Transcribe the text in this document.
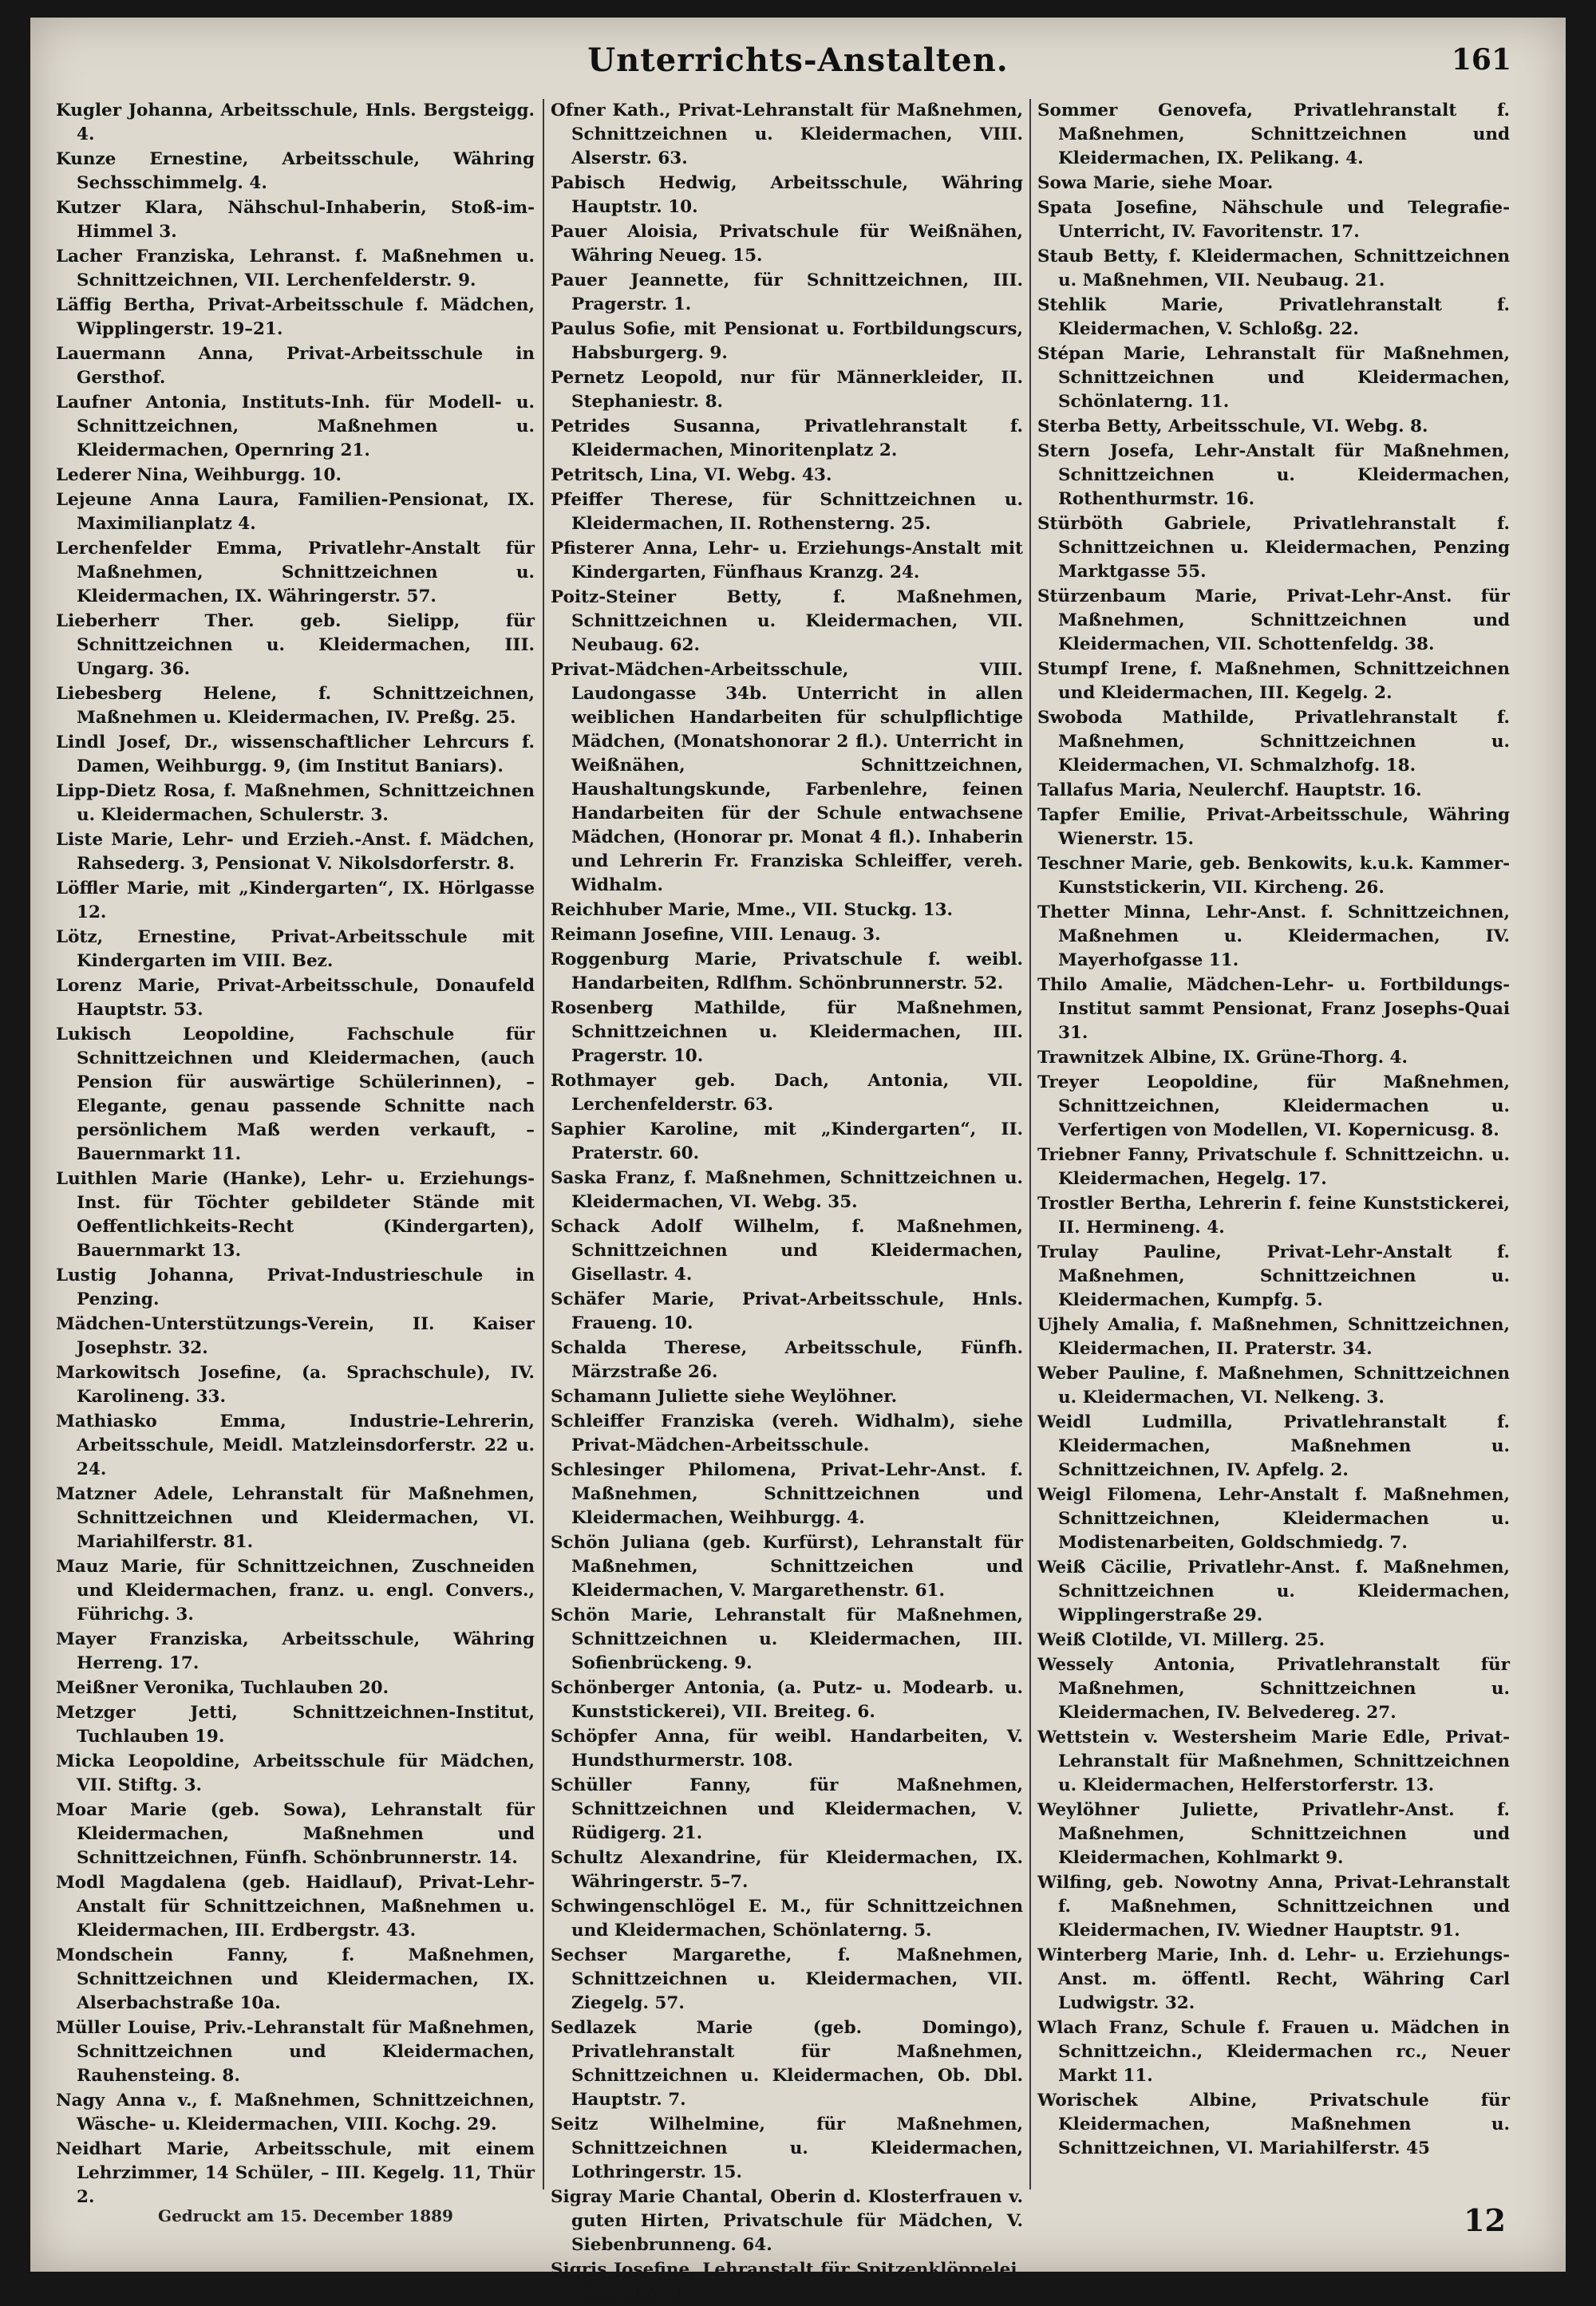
Unterrichts-Anstalten.	161

Kugler Johanna, Arbeitsschule, Hnls. Bergsteigg. 4.

Kunze Ernestine, Arbeitsschule, Währing Sechsschimmelg. 4.

Kutzer Klara, Nähschul-Inhaberin, Stoß-im-Himmel 3.

Lacher Franziska, Lehranst. f. Maßnehmen u. Schnittzeichnen, VII. Lerchenfelderstr. 9.

Läffig Bertha, Privat-Arbeitsschule f. Mädchen, Wipplingerstr. 19–21.

Lauermann Anna, Privat-Arbeitsschule in Gersthof.

Laufner Antonia, Instituts-Inh. für Modell- u. Schnittzeichnen, Maßnehmen u. Kleidermachen, Opernring 21.

Lederer Nina, Weihburgg. 10.

Lejeune Anna Laura, Familien-Pensionat, IX. Maximilianplatz 4.

Lerchenfelder Emma, Privatlehr-Anstalt für Maßnehmen, Schnittzeichnen u. Kleidermachen, IX. Währingerstr. 57.

Lieberherr Ther. geb. Sielipp, für Schnittzeichnen u. Kleidermachen, III. Ungarg. 36.

Liebesberg Helene, f. Schnittzeichnen, Maßnehmen u. Kleidermachen, IV. Preßg. 25.

Lindl Josef, Dr., wissenschaftlicher Lehrcurs f. Damen, Weihburgg. 9, (im Institut Baniars).

Lipp-Dietz Rosa, f. Maßnehmen, Schnittzeichnen u. Kleidermachen, Schulerstr. 3.

Liste Marie, Lehr- und Erzieh.-Anst. f. Mädchen, Rahsederg. 3, Pensionat V. Nikolsdorferstr. 8.

Löffler Marie, mit „Kindergarten“, IX. Hörlgasse 12.

Lötz, Ernestine, Privat-Arbeitsschule mit Kindergarten im VIII. Bez.

Lorenz Marie, Privat-Arbeitsschule, Donaufeld Hauptstr. 53.

Lukisch Leopoldine, Fachschule für Schnittzeichnen und Kleidermachen, (auch Pension für auswärtige Schülerinnen), –Elegante, genau passende Schnitte nach persönlichem Maß werden verkauft, – Bauernmarkt 11.

Luithlen Marie (Hanke), Lehr- u. Erziehungs-Inst. für Töchter gebildeter Stände mit Oeffentlichkeits-Recht (Kindergarten), Bauernmarkt 13.

Lustig Johanna, Privat-Industrieschule in Penzing.

Mädchen-Unterstützungs-Verein, II. Kaiser Josephstr. 32.

Markowitsch Josefine, (a. Sprachschule), IV. Karolineng. 33.

Mathiasko Emma, Industrie-Lehrerin, Arbeitsschule, Meidl. Matzleinsdorferstr. 22 u. 24.

Matzner Adele, Lehranstalt für Maßnehmen, Schnittzeichnen und Kleidermachen, VI. Mariahilferstr. 81.

Mauz Marie, für Schnittzeichnen, Zuschneiden und Kleidermachen, franz. u. engl. Convers., Führichg. 3.

Mayer Franziska, Arbeitsschule, Währing Herreng. 17.

Meißner Veronika, Tuchlauben 20.

Metzger Jetti, Schnittzeichnen-Institut, Tuchlauben 19.

Micka Leopoldine, Arbeitsschule für Mädchen, VII. Stiftg. 3.

Moar Marie (geb. Sowa), Lehranstalt für Kleidermachen, Maßnehmen und Schnittzeichnen, Fünfh. Schönbrunnerstr. 14.

Modl Magdalena (geb. Haidlauf), Privat-Lehr-Anstalt für Schnittzeichnen, Maßnehmen u. Kleidermachen, III. Erdbergstr. 43.

Mondschein Fanny, f. Maßnehmen, Schnittzeichnen und Kleidermachen, IX. Alserbachstraße 10a.

Müller Louise, Priv.-Lehranstalt für Maßnehmen, Schnittzeichnen und Kleidermachen, Rauhensteing. 8.

Nagy Anna v., f. Maßnehmen, Schnittzeichnen, Wäsche- u. Kleidermachen, VIII. Kochg. 29.

Neidhart Marie, Arbeitsschule, mit einem Lehrzimmer, 14 Schüler, – III. Kegelg. 11, Thür 2.

Ofner Kath., Privat-Lehranstalt für Maßnehmen, Schnittzeichnen u. Kleidermachen, VIII. Alserstr. 63.

Pabisch Hedwig, Arbeitsschule, Währing Hauptstr. 10.

Pauer Aloisia, Privatschule für Weißnähen, Währing Neueg. 15.

Pauer Jeannette, für Schnittzeichnen, III. Pragerstr. 1.

Paulus Sofie, mit Pensionat u. Fortbildungscurs, Habsburgerg. 9.

Pernetz Leopold, nur für Männerkleider, II. Stephaniestr. 8.

Petrides Susanna, Privatlehranstalt f. Kleidermachen, Minoritenplatz 2.

Petritsch, Lina, VI. Webg. 43.

Pfeiffer Therese, für Schnittzeichnen u. Kleidermachen, II. Rothensterng. 25.

Pfisterer Anna, Lehr- u. Erziehungs-Anstalt mit Kindergarten, Fünfhaus Kranzg. 24.

Poitz-Steiner Betty, f. Maßnehmen, Schnittzeichnen u. Kleidermachen, VII. Neubaug. 62.

Privat-Mädchen-Arbeitsschule, VIII. Laudongasse 34b. Unterricht in allen weiblichen Handarbeiten für schulpflichtige Mädchen, (Monatshonorar 2 fl.). Unterricht in Weißnähen, Schnittzeichnen, Haushaltungskunde, Farbenlehre, feinen Handarbeiten für der Schule entwachsene Mädchen, (Honorar pr. Monat 4 fl.). Inhaberin und Lehrerin Fr. Franziska Schleiffer, vereh. Widhalm.

Reichhuber Marie, Mme., VII. Stuckg. 13.

Reimann Josefine, VIII. Lenaug. 3.

Roggenburg Marie, Privatschule f. weibl. Handarbeiten, Rdlfhm. Schönbrunnerstr. 52.

Rosenberg Mathilde, für Maßnehmen, Schnittzeichnen u. Kleidermachen, III. Pragerstr. 10.

Rothmayer geb. Dach, Antonia, VII. Lerchenfelderstr. 63.

Saphier Karoline, mit „Kindergarten“, II. Praterstr. 60.

Saska Franz, f. Maßnehmen, Schnittzeichnen u. Kleidermachen, VI. Webg. 35.

Schack Adolf Wilhelm, f. Maßnehmen, Schnittzeichnen und Kleidermachen, Gisellastr. 4.

Schäfer Marie, Privat-Arbeitsschule, Hnls. Fraueng. 10.

Schalda Therese, Arbeitsschule, Fünfh. Märzstraße 26.

Schamann Juliette siehe Weylöhner.

Schleiffer Franziska (vereh. Widhalm), siehe Privat-Mädchen-Arbeitsschule.

Schlesinger Philomena, Privat-Lehr-Anst. f. Maßnehmen, Schnittzeichnen und Kleidermachen, Weihburgg. 4.

Schön Juliana (geb. Kurfürst), Lehranstalt für Maßnehmen, Schnittzeichen und Kleidermachen, V. Margarethenstr. 61.

Schön Marie, Lehranstalt für Maßnehmen, Schnittzeichnen u. Kleidermachen, III. Sofienbrückeng. 9.

Schönberger Antonia, (a. Putz- u. Modearb. u. Kunststickerei), VII. Breiteg. 6.

Schöpfer Anna, für weibl. Handarbeiten, V. Hundsthurmerstr. 108.

Schüller Fanny, für Maßnehmen, Schnittzeichnen und Kleidermachen, V. Rüdigerg. 21.

Schultz Alexandrine, für Kleidermachen, IX. Währingerstr. 5–7.

Schwingenschlögel E. M., für Schnittzeichnen und Kleidermachen, Schönlaterng. 5.

Sechser Margarethe, f. Maßnehmen, Schnittzeichnen u. Kleidermachen, VII. Ziegelg. 57.

Sedlazek Marie (geb. Domingo), Privatlehranstalt für Maßnehmen, Schnittzeichnen u. Kleidermachen, Ob. Dbl. Hauptstr. 7.

Seitz Wilhelmine, für Maßnehmen, Schnittzeichnen u. Kleidermachen, Lothringerstr. 15.

Sigray Marie Chantal, Oberin d. Klosterfrauen v. guten Hirten, Privatschule für Mädchen, V. Siebenbrunneng. 64.

Sigris Josefine, Lehranstalt für Spitzenklöppelei, Führichg. 4.

Sommer Genovefa, Privatlehranstalt f. Maßnehmen, Schnittzeichnen und Kleidermachen, IX. Pelikang. 4.

Sowa Marie, siehe Moar.

Spata Josefine, Nähschule und Telegrafie-Unterricht, IV. Favoritenstr. 17.

Staub Betty, f. Kleidermachen, Schnittzeichnen u. Maßnehmen, VII. Neubaug. 21.

Stehlik Marie, Privatlehranstalt f. Kleidermachen, V. Schloßg. 22.

Stépan Marie, Lehranstalt für Maßnehmen, Schnittzeichnen und Kleidermachen, Schönlaterng. 11.

Sterba Betty, Arbeitsschule, VI. Webg. 8.

Stern Josefa, Lehr-Anstalt für Maßnehmen, Schnittzeichnen u. Kleidermachen, Rothenthurmstr. 16.

Stürböth Gabriele, Privatlehranstalt f. Schnittzeichnen u. Kleidermachen, Penzing Marktgasse 55.

Stürzenbaum Marie, Privat-Lehr-Anst. für Maßnehmen, Schnittzeichnen und Kleidermachen, VII. Schottenfeldg. 38.

Stumpf Irene, f. Maßnehmen, Schnittzeichnen und Kleidermachen, III. Kegelg. 2.

Swoboda Mathilde, Privatlehranstalt f. Maßnehmen, Schnittzeichnen u. Kleidermachen, VI. Schmalzhofg. 18.

Tallafus Maria, Neulerchf. Hauptstr. 16.

Tapfer Emilie, Privat-Arbeitsschule, Währing Wienerstr. 15.

Teschner Marie, geb. Benkowits, k.u.k. Kammer-Kunststickerin, VII. Kircheng. 26.

Thetter Minna, Lehr-Anst. f. Schnittzeichnen, Maßnehmen u. Kleidermachen, IV. Mayerhofgasse 11.

Thilo Amalie, Mädchen-Lehr- u. Fortbildungs-Institut sammt Pensionat, Franz Josephs-Quai 31.

Trawnitzek Albine, IX. Grüne-Thorg. 4.

Treyer Leopoldine, für Maßnehmen, Schnittzeichnen, Kleidermachen u. Verfertigen von Modellen, VI. Kopernicusg. 8.

Triebner Fanny, Privatschule f. Schnittzeichn. u. Kleidermachen, Hegelg. 17.

Trostler Bertha, Lehrerin f. feine Kunststickerei, II. Hermineng. 4.

Trulay Pauline, Privat-Lehr-Anstalt f. Maßnehmen, Schnittzeichnen u. Kleidermachen, Kumpfg. 5.

Ujhely Amalia, f. Maßnehmen, Schnittzeichnen, Kleidermachen, II. Praterstr. 34.

Weber Pauline, f. Maßnehmen, Schnittzeichnen u. Kleidermachen, VI. Nelkeng. 3.

Weidl Ludmilla, Privatlehranstalt f. Kleidermachen, Maßnehmen u. Schnittzeichnen, IV. Apfelg. 2.

Weigl Filomena, Lehr-Anstalt f. Maßnehmen, Schnittzeichnen, Kleidermachen u. Modistenarbeiten, Goldschmiedg. 7.

Weiß Cäcilie, Privatlehr-Anst. f. Maßnehmen, Schnittzeichnen u. Kleidermachen, Wipplingerstraße 29.

Weiß Clotilde, VI. Millerg. 25.

Wessely Antonia, Privatlehranstalt für Maßnehmen, Schnittzeichnen u. Kleidermachen, IV. Belvedereg. 27.

Wettstein v. Westersheim Marie Edle, Privat-Lehranstalt für Maßnehmen, Schnittzeichnen u. Kleidermachen, Helferstorferstr. 13.

Weylöhner Juliette, Privatlehr-Anst. f. Maßnehmen, Schnittzeichnen und Kleidermachen, Kohlmarkt 9.

Wilfing, geb. Nowotny Anna, Privat-Lehranstalt f. Maßnehmen, Schnittzeichnen und Kleidermachen, IV. Wiedner Hauptstr. 91.

Winterberg Marie, Inh. d. Lehr- u. Erziehungs-Anst. m. öffentl. Recht, Währing Carl Ludwigstr. 32.

Wlach Franz, Schule f. Frauen u. Mädchen in Schnittzeichn., Kleidermachen rc., Neuer Markt 11.

Worischek Albine, Privatschule für Kleidermachen, Maßnehmen u. Schnittzeichnen, VI. Mariahilferstr. 45

Gedruckt am 15. December 1889	12
